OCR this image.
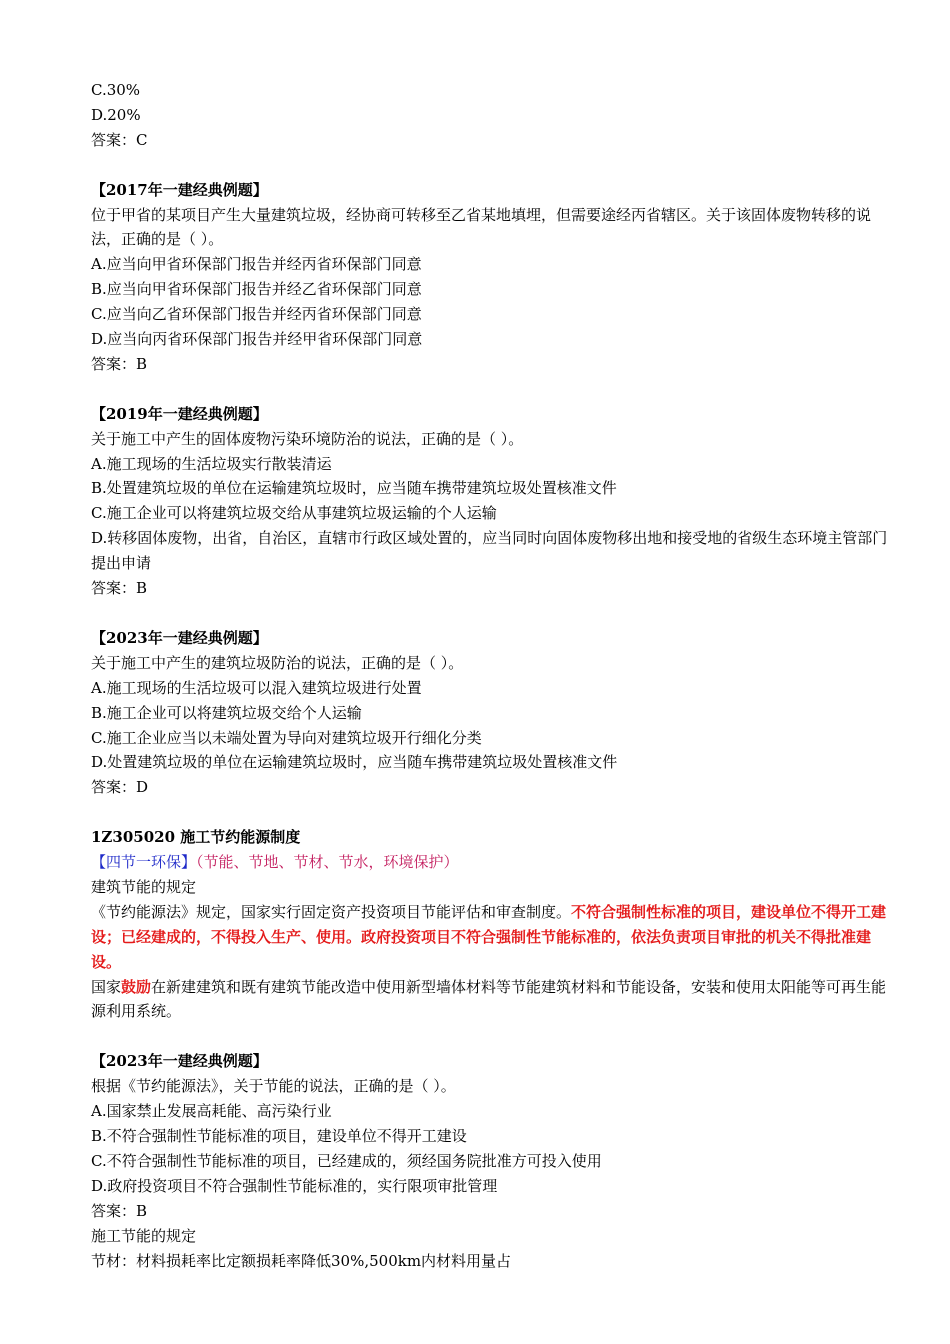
C.30%
D.20%
答案：C
【2017年一建经典例题】
位于甲省的某项目产生大量建筑垃圾，经协商可转移至乙省某地填埋，但需要途经丙省辖区。关于该固体废物转移的说法，正确的是（ ）。
A.应当向甲省环保部门报告并经丙省环保部门同意
B.应当向甲省环保部门报告并经乙省环保部门同意
C.应当向乙省环保部门报告并经丙省环保部门同意
D.应当向丙省环保部门报告并经甲省环保部门同意
答案：B
【2019年一建经典例题】
关于施工中产生的固体废物污染环境防治的说法，正确的是（ ）。
A.施工现场的生活垃圾实行散装清运
B.处置建筑垃圾的单位在运输建筑垃圾时，应当随车携带建筑垃圾处置核准文件
C.施工企业可以将建筑垃圾交给从事建筑垃圾运输的个人运输
D.转移固体废物，出省，自治区，直辖市行政区域处置的，应当同时向固体废物移出地和接受地的省级生态环境主管部门提出申请
答案：B
【2023年一建经典例题】
关于施工中产生的建筑垃圾防治的说法，正确的是（ ）。
A.施工现场的生活垃圾可以混入建筑垃圾进行处置
B.施工企业可以将建筑垃圾交给个人运输
C.施工企业应当以未端处置为导向对建筑垃圾开行细化分类
D.处置建筑垃圾的单位在运输建筑垃圾时，应当随车携带建筑垃圾处置核准文件
答案：D
1Z305020 施工节约能源制度
【四节一环保】（节能、节地、节材、节水，环境保护）
建筑节能的规定
《节约能源法》规定，国家实行固定资产投资项目节能评估和审查制度。不符合强制性标准的项目，建设单位不得开工建设；已经建成的，不得投入生产、使用。政府投资项目不符合强制性节能标准的，依法负责项目审批的机关不得批准建设。
国家鼓励在新建建筑和既有建筑节能改造中使用新型墙体材料等节能建筑材料和节能设备，安装和使用太阳能等可再生能源利用系统。
【2023年一建经典例题】
根据《节约能源法》，关于节能的说法，正确的是（ ）。
A.国家禁止发展高耗能、高污染行业
B.不符合强制性节能标准的项目，建设单位不得开工建设
C.不符合强制性节能标准的项目，已经建成的，须经国务院批准方可投入使用
D.政府投资项目不符合强制性节能标准的，实行限项审批管理
答案：B
施工节能的规定
节材：材料损耗率比定额损耗率降低30%,500km内材料用量占
